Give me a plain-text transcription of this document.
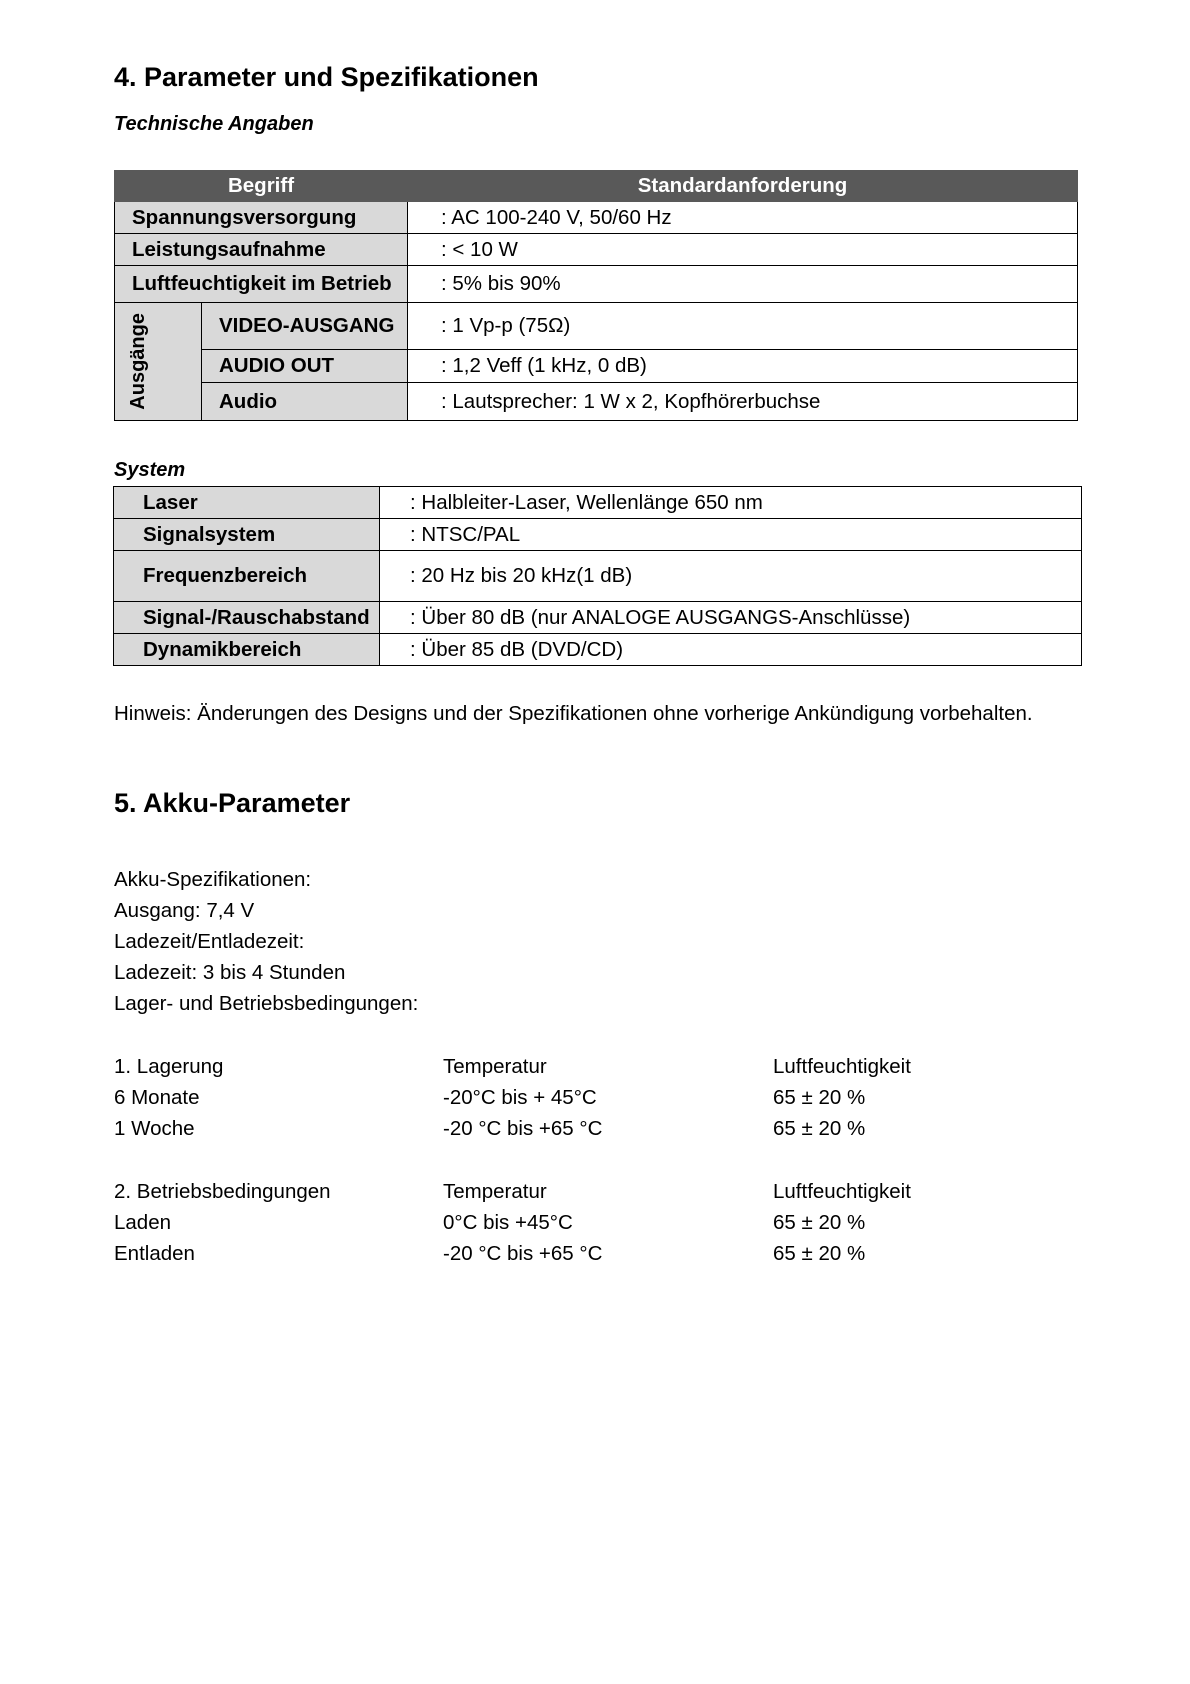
4. Parameter und Spezifikationen
Technische Angaben
Begriff		Standardanforderung
Spannungsversorgung		: AC 100-240 V, 50/60 Hz
Leistungsaufnahme		: < 10 W
Luftfeuchtigkeit im Betrieb		: 5% bis 90%

Ausgänge	VIDEO-AUSGANG	: 1 Vp-p (75Ω)
	AUDIO OUT	: 1,2 Veff (1 kHz, 0 dB)
	Audio	: Lautsprecher: 1 W x 2, Kopfhörerbuchse
System
Laser	: Halbleiter-Laser, Wellenlänge 650 nm
Signalsystem	: NTSC/PAL
Frequenzbereich	: 20 Hz bis 20 kHz(1 dB)
Signal-/Rauschabstand	: Über 80 dB (nur ANALOGE AUSGANGS-Anschlüsse)
Dynamikbereich	: Über 85 dB (DVD/CD)

Hinweis: Änderungen des Designs und der Spezifikationen ohne vorherige Ankündigung vorbehalten.

5. Akku-Parameter

Akku-Spezifikationen:

Ausgang: 7,4 V

Ladezeit/Entladezeit:

Ladezeit: 3 bis 4 Stunden

Lager- und Betriebsbedingungen:

1. Lagerung	Temperatur	Luftfeuchtigkeit

6 Monate	-20°C bis + 45°C	65 ± 20 %

1 Woche	-20 °C bis +65 °C	65 ± 20 %

2. Betriebsbedingungen	Temperatur	Luftfeuchtigkeit

Laden	0°C bis +45°C	65 ± 20 %

Entladen	-20 °C bis +65 °C	65 ± 20 %
